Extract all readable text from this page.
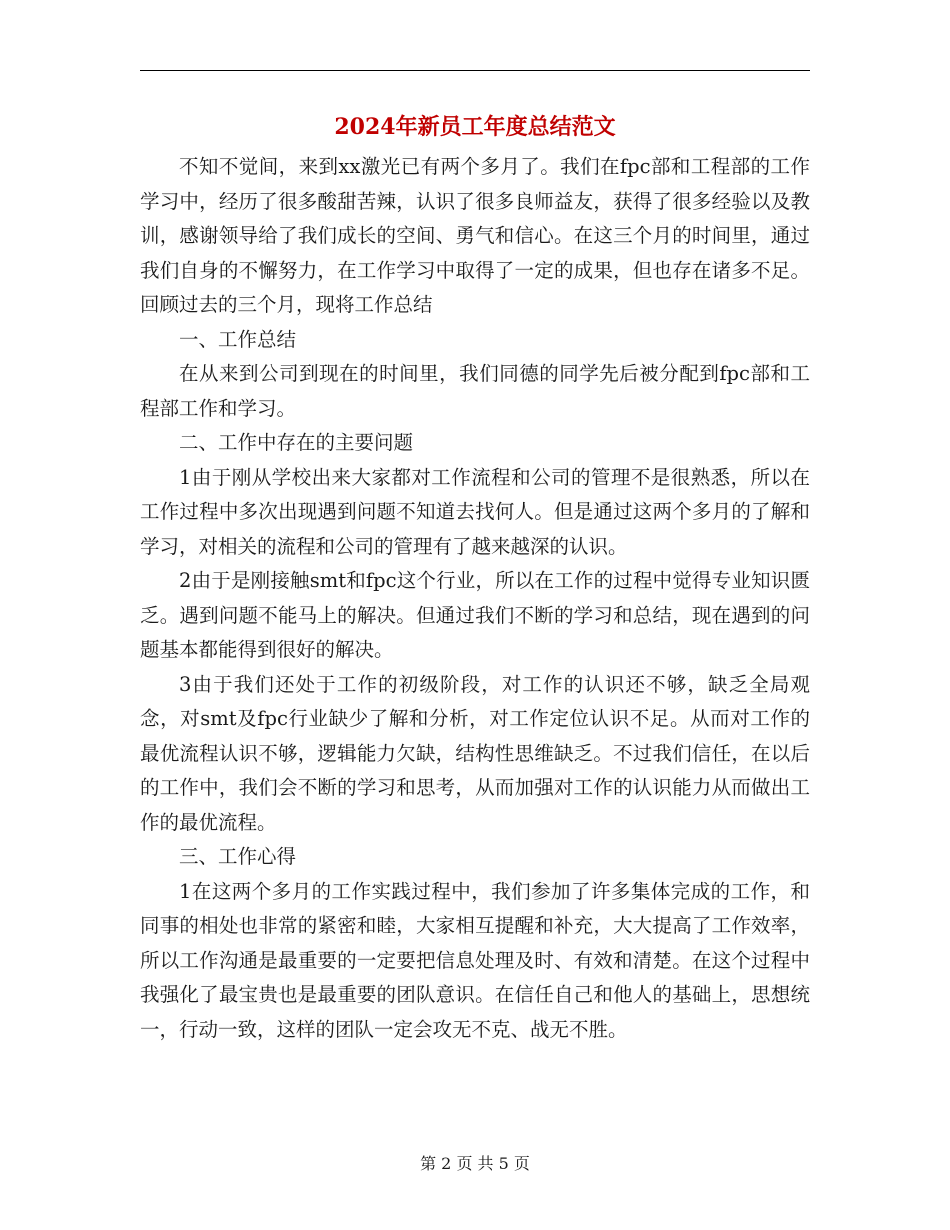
2024年新员工年度总结范文

不知不觉间，来到xx激光已有两个多月了。我们在fpc部和工程部的工作学习中，经历了很多酸甜苦辣，认识了很多良师益友，获得了很多经验以及教训，感谢领导给了我们成长的空间、勇气和信心。在这三个月的时间里，通过我们自身的不懈努力，在工作学习中取得了一定的成果，但也存在诸多不足。回顾过去的三个月，现将工作总结

一、工作总结

在从来到公司到现在的时间里，我们同德的同学先后被分配到fpc部和工程部工作和学习。

二、工作中存在的主要问题

1由于刚从学校出来大家都对工作流程和公司的管理不是很熟悉，所以在工作过程中多次出现遇到问题不知道去找何人。但是通过这两个多月的了解和学习，对相关的流程和公司的管理有了越来越深的认识。

2由于是刚接触smt和fpc这个行业，所以在工作的过程中觉得专业知识匮乏。遇到问题不能马上的解决。但通过我们不断的学习和总结，现在遇到的问题基本都能得到很好的解决。

3由于我们还处于工作的初级阶段，对工作的认识还不够，缺乏全局观念，对smt及fpc行业缺少了解和分析，对工作定位认识不足。从而对工作的最优流程认识不够，逻辑能力欠缺，结构性思维缺乏。不过我们信任，在以后的工作中，我们会不断的学习和思考，从而加强对工作的认识能力从而做出工作的最优流程。

三、工作心得

1在这两个多月的工作实践过程中，我们参加了许多集体完成的工作，和同事的相处也非常的紧密和睦，大家相互提醒和补充，大大提高了工作效率，所以工作沟通是最重要的一定要把信息处理及时、有效和清楚。在这个过程中我强化了最宝贵也是最重要的团队意识。在信任自己和他人的基础上，思想统一，行动一致，这样的团队一定会攻无不克、战无不胜。

第 2 页 共 5 页
